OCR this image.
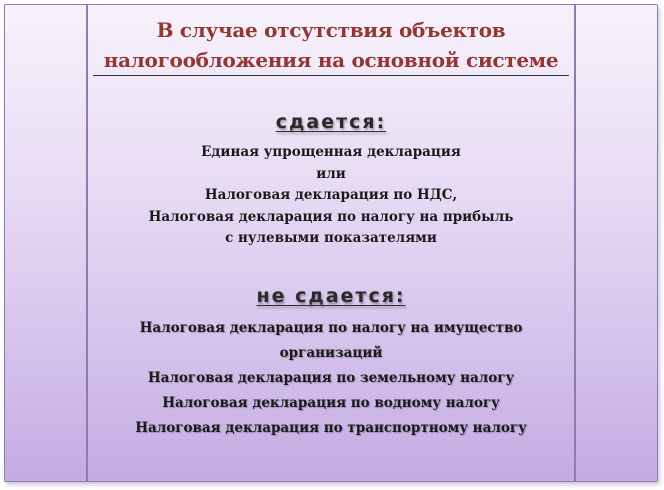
В случае отсутствия объектов
налогообложения на основной системе
сдается:
Единая упрощенная декларация
или
Налоговая декларация по НДС,
Налоговая декларация по налогу на прибыль
с нулевыми показателями
не сдается:
Налоговая декларация по налогу на имущество
организаций
Налоговая декларация по земельному налогу
Налоговая декларация по водному налогу
Налоговая декларация по транспортному налогу
